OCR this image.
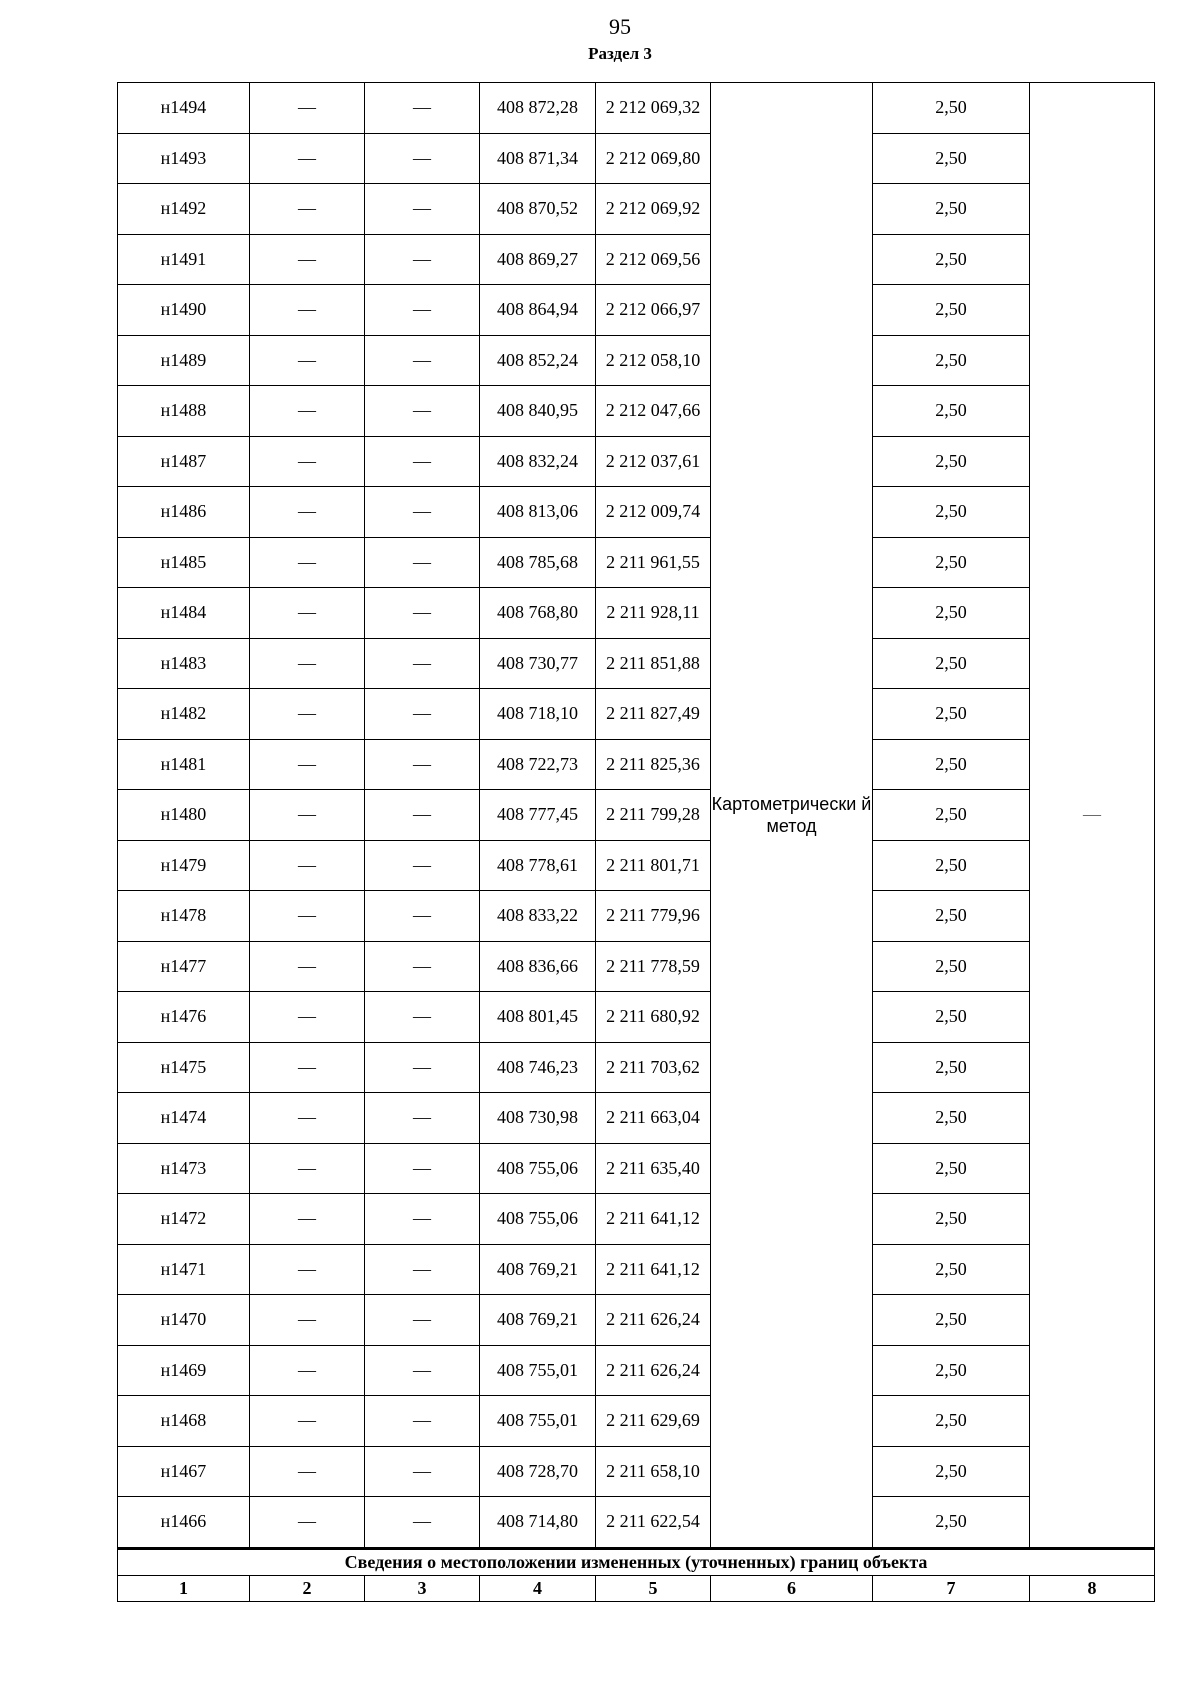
95
Раздел 3
н1494	—	—	408 872,28	2 212 069,32	Картометрически й метод	2,50	—
н1493	—	—	408 871,34	2 212 069,80		2,50	
н1492	—	—	408 870,52	2 212 069,92		2,50	
н1491	—	—	408 869,27	2 212 069,56		2,50	
н1490	—	—	408 864,94	2 212 066,97		2,50	
н1489	—	—	408 852,24	2 212 058,10		2,50	
н1488	—	—	408 840,95	2 212 047,66		2,50	
н1487	—	—	408 832,24	2 212 037,61		2,50	
н1486	—	—	408 813,06	2 212 009,74		2,50	
н1485	—	—	408 785,68	2 211 961,55		2,50	
н1484	—	—	408 768,80	2 211 928,11		2,50	
н1483	—	—	408 730,77	2 211 851,88		2,50	
н1482	—	—	408 718,10	2 211 827,49		2,50	
н1481	—	—	408 722,73	2 211 825,36		2,50	
н1480	—	—	408 777,45	2 211 799,28		2,50	
н1479	—	—	408 778,61	2 211 801,71		2,50	
н1478	—	—	408 833,22	2 211 779,96		2,50	
н1477	—	—	408 836,66	2 211 778,59		2,50	
н1476	—	—	408 801,45	2 211 680,92		2,50	
н1475	—	—	408 746,23	2 211 703,62		2,50	
н1474	—	—	408 730,98	2 211 663,04		2,50	
н1473	—	—	408 755,06	2 211 635,40		2,50	
н1472	—	—	408 755,06	2 211 641,12		2,50	
н1471	—	—	408 769,21	2 211 641,12		2,50	
н1470	—	—	408 769,21	2 211 626,24		2,50	
н1469	—	—	408 755,01	2 211 626,24		2,50	
н1468	—	—	408 755,01	2 211 629,69		2,50	
н1467	—	—	408 728,70	2 211 658,10		2,50	
н1466	—	—	408 714,80	2 211 622,54		2,50	
Сведения о местоположении измененных (уточненных) границ объекта							
1	2	3	4	5	6	7	8
